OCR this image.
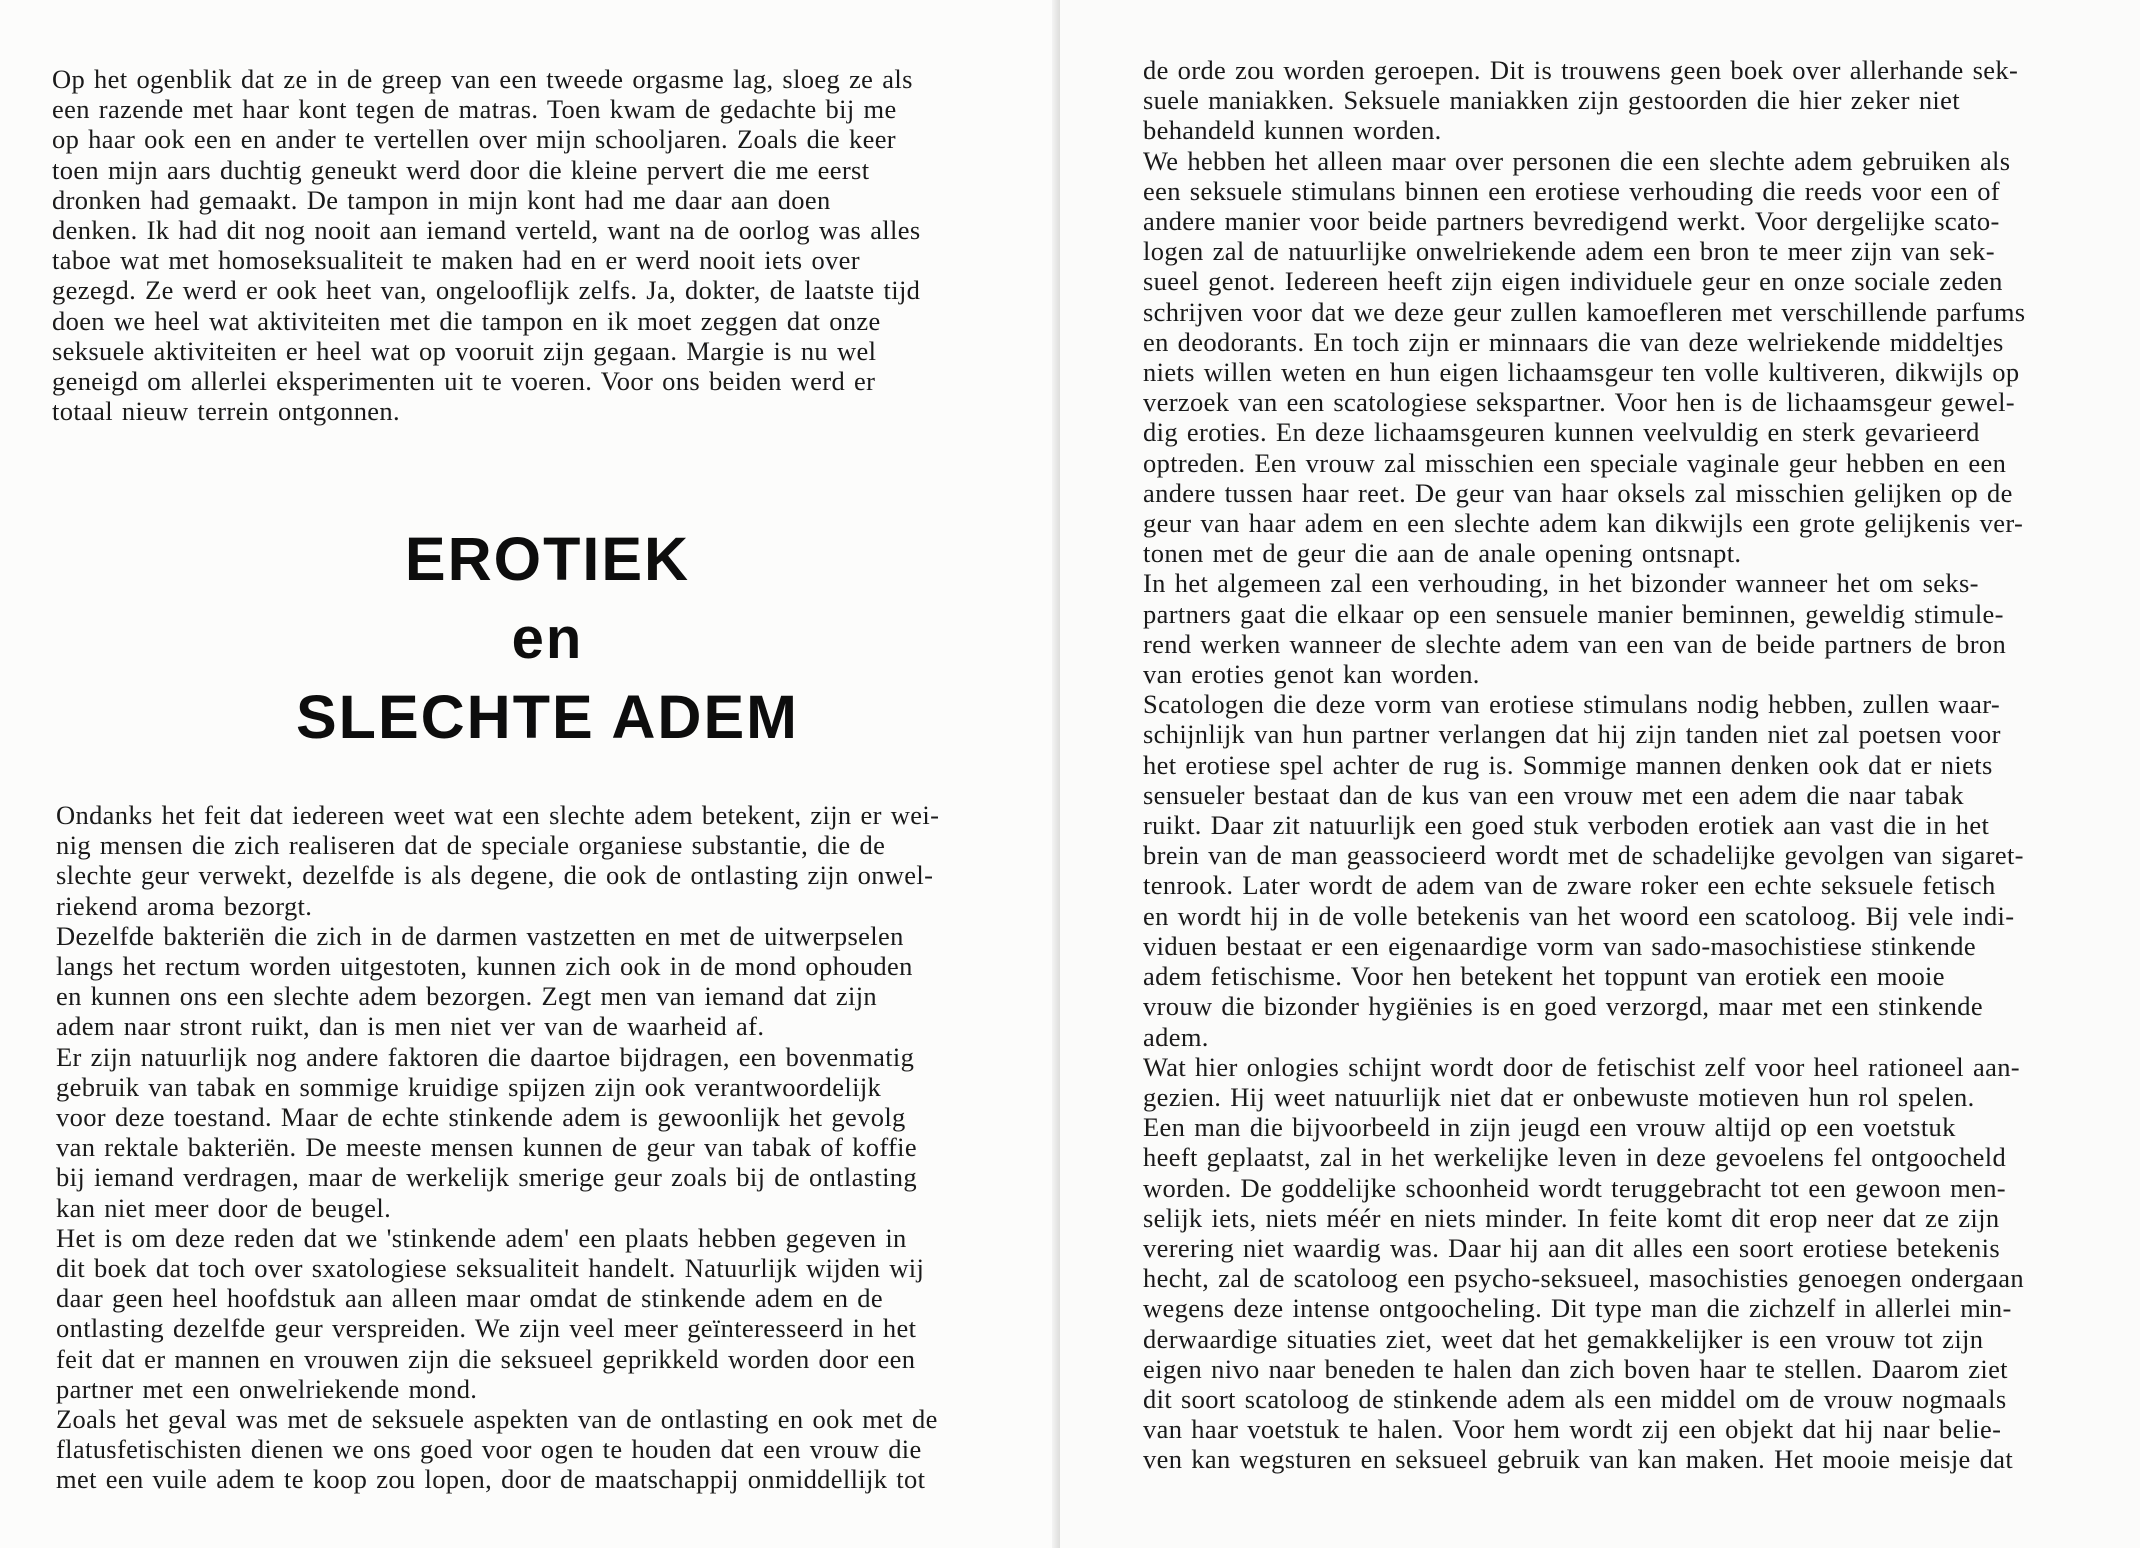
Op het ogenblik dat ze in de greep van een tweede orgasme lag, sloeg ze als

een razende met haar kont tegen de matras. Toen kwam de gedachte bij me

op haar ook een en ander te vertellen over mijn schooljaren. Zoals die keer

toen mijn aars duchtig geneukt werd door die kleine pervert die me eerst

dronken had gemaakt. De tampon in mijn kont had me daar aan doen

denken. Ik had dit nog nooit aan iemand verteld, want na de oorlog was alles

taboe wat met homoseksualiteit te maken had en er werd nooit iets over

gezegd. Ze werd er ook heet van, ongelooflijk zelfs. Ja, dokter, de laatste tijd

doen we heel wat aktiviteiten met die tampon en ik moet zeggen dat onze

seksuele aktiviteiten er heel wat op vooruit zijn gegaan. Margie is nu wel

geneigd om allerlei eksperimenten uit te voeren. Voor ons beiden werd er

totaal nieuw terrein ontgonnen.

EROTIEK
en
SLECHTE ADEM

Ondanks het feit dat iedereen weet wat een slechte adem betekent, zijn er wei-

nig mensen die zich realiseren dat de speciale organiese substantie, die de

slechte geur verwekt, dezelfde is als degene, die ook de ontlasting zijn onwel-

riekend aroma bezorgt.

Dezelfde bakteriën die zich in de darmen vastzetten en met de uitwerpselen

langs het rectum worden uitgestoten, kunnen zich ook in de mond ophouden

en kunnen ons een slechte adem bezorgen. Zegt men van iemand dat zijn

adem naar stront ruikt, dan is men niet ver van de waarheid af.

Er zijn natuurlijk nog andere faktoren die daartoe bijdragen, een bovenmatig

gebruik van tabak en sommige kruidige spijzen zijn ook verantwoordelijk

voor deze toestand. Maar de echte stinkende adem is gewoonlijk het gevolg

van rektale bakteriën. De meeste mensen kunnen de geur van tabak of koffie

bij iemand verdragen, maar de werkelijk smerige geur zoals bij de ontlasting

kan niet meer door de beugel.

Het is om deze reden dat we 'stinkende adem' een plaats hebben gegeven in

dit boek dat toch over sxatologiese seksualiteit handelt. Natuurlijk wijden wij

daar geen heel hoofdstuk aan alleen maar omdat de stinkende adem en de

ontlasting dezelfde geur verspreiden. We zijn veel meer geïnteresseerd in het

feit dat er mannen en vrouwen zijn die seksueel geprikkeld worden door een

partner met een onwelriekende mond.

Zoals het geval was met de seksuele aspekten van de ontlasting en ook met de

flatusfetischisten dienen we ons goed voor ogen te houden dat een vrouw die

met een vuile adem te koop zou lopen, door de maatschappij onmiddellijk tot

de orde zou worden geroepen. Dit is trouwens geen boek over allerhande sek-

suele maniakken. Seksuele maniakken zijn gestoorden die hier zeker niet

behandeld kunnen worden.

We hebben het alleen maar over personen die een slechte adem gebruiken als

een seksuele stimulans binnen een erotiese verhouding die reeds voor een of

andere manier voor beide partners bevredigend werkt. Voor dergelijke scato-

logen zal de natuurlijke onwelriekende adem een bron te meer zijn van sek-

sueel genot. Iedereen heeft zijn eigen individuele geur en onze sociale zeden

schrijven voor dat we deze geur zullen kamoefleren met verschillende parfums

en deodorants. En toch zijn er minnaars die van deze welriekende middeltjes

niets willen weten en hun eigen lichaamsgeur ten volle kultiveren, dikwijls op

verzoek van een scatologiese sekspartner. Voor hen is de lichaamsgeur gewel-

dig eroties. En deze lichaamsgeuren kunnen veelvuldig en sterk gevarieerd

optreden. Een vrouw zal misschien een speciale vaginale geur hebben en een

andere tussen haar reet. De geur van haar oksels zal misschien gelijken op de

geur van haar adem en een slechte adem kan dikwijls een grote gelijkenis ver-

tonen met de geur die aan de anale opening ontsnapt.

In het algemeen zal een verhouding, in het bizonder wanneer het om seks-

partners gaat die elkaar op een sensuele manier beminnen, geweldig stimule-

rend werken wanneer de slechte adem van een van de beide partners de bron

van eroties genot kan worden.

Scatologen die deze vorm van erotiese stimulans nodig hebben, zullen waar-

schijnlijk van hun partner verlangen dat hij zijn tanden niet zal poetsen voor

het erotiese spel achter de rug is. Sommige mannen denken ook dat er niets

sensueler bestaat dan de kus van een vrouw met een adem die naar tabak

ruikt. Daar zit natuurlijk een goed stuk verboden erotiek aan vast die in het

brein van de man geassocieerd wordt met de schadelijke gevolgen van sigaret-

tenrook. Later wordt de adem van de zware roker een echte seksuele fetisch

en wordt hij in de volle betekenis van het woord een scatoloog. Bij vele indi-

viduen bestaat er een eigenaardige vorm van sado-masochistiese stinkende

adem fetischisme. Voor hen betekent het toppunt van erotiek een mooie

vrouw die bizonder hygiënies is en goed verzorgd, maar met een stinkende

adem.

Wat hier onlogies schijnt wordt door de fetischist zelf voor heel rationeel aan-

gezien. Hij weet natuurlijk niet dat er onbewuste motieven hun rol spelen.

Een man die bijvoorbeeld in zijn jeugd een vrouw altijd op een voetstuk

heeft geplaatst, zal in het werkelijke leven in deze gevoelens fel ontgoocheld

worden. De goddelijke schoonheid wordt teruggebracht tot een gewoon men-

selijk iets, niets méér en niets minder. In feite komt dit erop neer dat ze zijn

verering niet waardig was. Daar hij aan dit alles een soort erotiese betekenis

hecht, zal de scatoloog een psycho-seksueel, masochisties genoegen ondergaan

wegens deze intense ontgoocheling. Dit type man die zichzelf in allerlei min-

derwaardige situaties ziet, weet dat het gemakkelijker is een vrouw tot zijn

eigen nivo naar beneden te halen dan zich boven haar te stellen. Daarom ziet

dit soort scatoloog de stinkende adem als een middel om de vrouw nogmaals

van haar voetstuk te halen. Voor hem wordt zij een objekt dat hij naar belie-

ven kan wegsturen en seksueel gebruik van kan maken. Het mooie meisje dat
